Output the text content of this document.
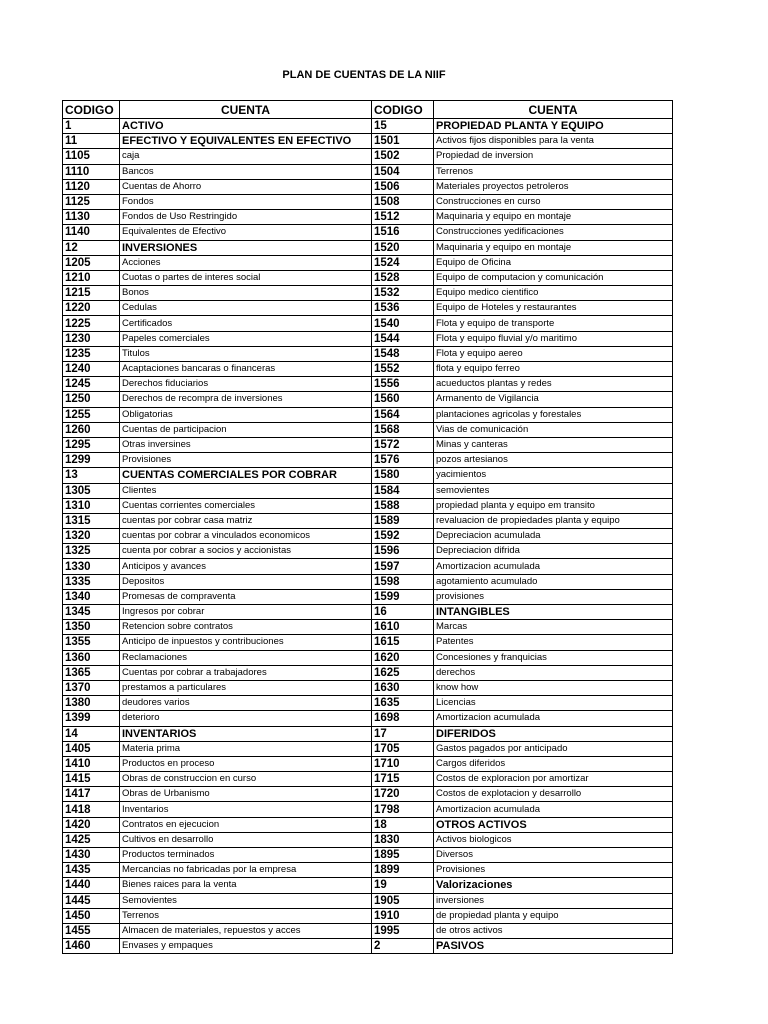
PLAN DE CUENTAS DE LA NIIF
CODIGO	CUENTA	CODIGO	CUENTA
1	ACTIVO	15	PROPIEDAD PLANTA Y EQUIPO
11	EFECTIVO Y EQUIVALENTES EN EFECTIVO	1501	Activos fijos disponibles para la venta
1105	caja	1502	Propiedad de inversion
1110	Bancos	1504	Terrenos
1120	Cuentas de Ahorro	1506	Materiales proyectos petroleros
1125	Fondos	1508	Construcciones en curso
1130	Fondos de Uso Restringido	1512	Maquinaria y equipo en montaje
1140	Equivalentes de Efectivo	1516	Construcciones yedificaciones
12	INVERSIONES	1520	Maquinaria y equipo en montaje
1205	Acciones	1524	Equipo de Oficina
1210	Cuotas o partes de interes social	1528	Equipo de computacion y comunicación
1215	Bonos	1532	Equipo medico cientifico
1220	Cedulas	1536	Equipo de Hoteles y restaurantes
1225	Certificados	1540	Flota y equipo de transporte
1230	Papeles comerciales	1544	Flota y equipo fluvial y/o maritimo
1235	Titulos	1548	Flota y equipo aereo
1240	Acaptaciones bancaras o financeras	1552	flota y equipo ferreo
1245	Derechos fiduciarios	1556	acueductos plantas y redes
1250	Derechos de recompra de inversiones	1560	Armanento de Vigilancia
1255	Obligatorias	1564	plantaciones agricolas y forestales
1260	Cuentas de participacion	1568	Vias de comunicación
1295	Otras inversines	1572	Minas y canteras
1299	Provisiones	1576	pozos artesianos
13	CUENTAS COMERCIALES POR COBRAR	1580	yacimientos
1305	Clientes	1584	semovientes
1310	Cuentas corrientes comerciales	1588	propiedad planta y equipo em transito
1315	cuentas por cobrar casa matriz	1589	revaluacion de propiedades planta y equipo
1320	cuentas por cobrar a vinculados economicos	1592	Depreciacion acumulada
1325	cuenta por cobrar a socios y accionistas	1596	Depreciacion difrida
1330	Anticipos y avances	1597	Amortizacion acumulada
1335	Depositos	1598	agotamiento acumulado
1340	Promesas de compraventa	1599	provisiones
1345	Ingresos por cobrar	16	INTANGIBLES
1350	Retencion sobre contratos	1610	Marcas
1355	Anticipo de inpuestos y contribuciones	1615	Patentes
1360	Reclamaciones	1620	Concesiones y franquicias
1365	Cuentas por cobrar a trabajadores	1625	derechos
1370	prestamos a particulares	1630	know how
1380	deudores varios	1635	Licencias
1399	deterioro	1698	Amortizacion acumulada
14	INVENTARIOS	17	DIFERIDOS
1405	Materia prima	1705	Gastos pagados por anticipado
1410	Productos en proceso	1710	Cargos diferidos
1415	Obras de construccion en curso	1715	Costos de exploracion por amortizar
1417	Obras de Urbanismo	1720	Costos de explotacion y desarrollo
1418	Inventarios	1798	Amortizacion acumulada
1420	Contratos en ejecucion	18	OTROS ACTIVOS
1425	Cultivos en desarrollo	1830	Activos biologicos
1430	Productos terminados	1895	Diversos
1435	Mercancias no fabricadas por la empresa	1899	Provisiones
1440	Bienes raices para la venta	19	Valorizaciones
1445	Semovientes	1905	inversiones
1450	Terrenos	1910	de propiedad planta y equipo
1455	Almacen de materiales, repuestos y acces	1995	de otros activos
1460	Envases y empaques	2	PASIVOS
